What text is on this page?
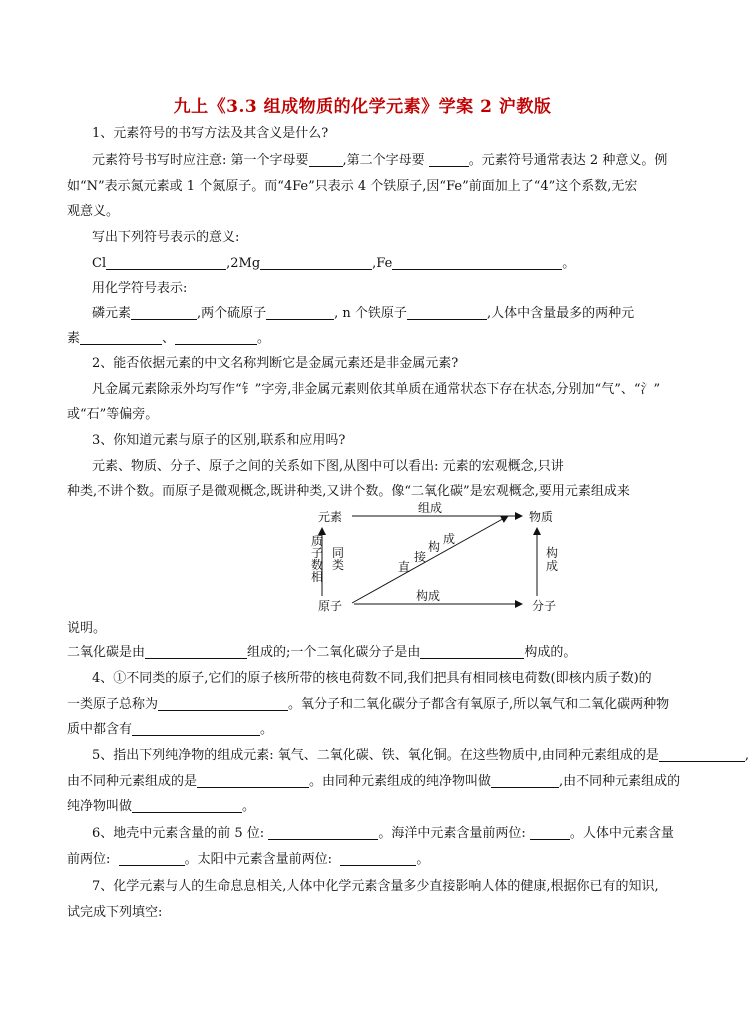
九上《3.3 组成物质的化学元素》学案 2 沪教版
1、元素符号的书写方法及其含义是什么?
元素符号书写时应注意: 第一个字母要	,第二个字母要	。元素符号通常表达 2 种意义。例
如“N”表示氮元素或 1 个氮原子。而“4Fe”只表示 4 个铁原子,因“Fe”前面加上了“4”这个系数,无宏
观意义。
写出下列符号表示的意义:
Cl	,2Mg	,Fe	。
用化学符号表示:
磷元素	,两个硫原子	, n 个铁原子	,人体中含量最多的两种元
素	、	。
2、能否依据元素的中文名称判断它是金属元素还是非金属元素?
凡金属元素除汞外均写作“钅”字旁,非金属元素则依其单质在通常状态下存在状态,分别加“气”、“氵”
或“石”等偏旁。
3、你知道元素与原子的区别,联系和应用吗?
元素、物质、分子、原子之间的关系如下图,从图中可以看出: 元素的宏观概念,只讲
种类,不讲个数。而原子是微观概念,既讲种类,又讲个数。像“二氧化碳”是宏观概念,要用元素组成来
元素	物质
原子	分子
组成
构成
直
接
构
成
质
子
数
相
同
类
构
成
说明。
二氧化碳是由	组成的;一个二氧化碳分子是由	构成的。
4、①不同类的原子,它们的原子核所带的核电荷数不同,我们把具有相同核电荷数(即核内质子数)的
一类原子总称为	。氧分子和二氧化碳分子都含有氧原子,所以氧气和二氧化碳两种物
质中都含有	。
5、指出下列纯净物的组成元素: 氧气、二氧化碳、铁、氧化铜。在这些物质中,由同种元素组成的是	,
由不同种元素组成的是	。由同种元素组成的纯净物叫做	,由不同种元素组成的
纯净物叫做	。
6、地壳中元素含量的前 5 位:	。海洋中元素含量前两位:	。人体中元素含量
前两位:	。太阳中元素含量前两位:	。
7、化学元素与人的生命息息相关,人体中化学元素含量多少直接影响人体的健康,根据你已有的知识,
试完成下列填空:
